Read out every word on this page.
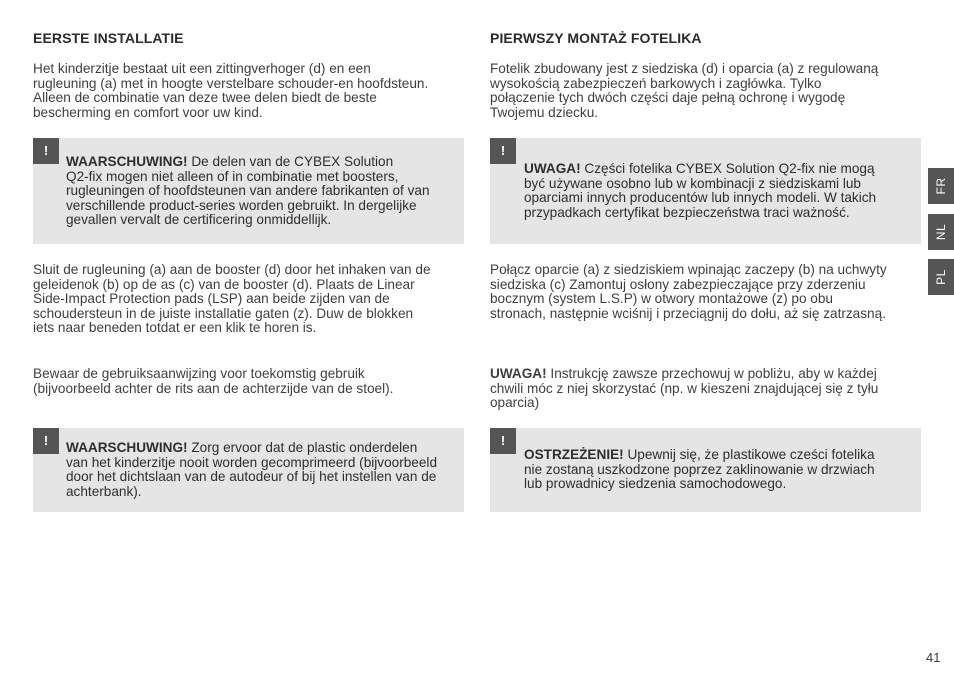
EERSTE INSTALLATIE
Het kinderzitje bestaat uit een zittingverhoger (d) en een
rugleuning (a) met in hoogte verstelbare schouder-en hoofdsteun.
Alleen de combinatie van deze twee delen biedt de beste
bescherming en comfort voor uw kind.
!
WAARSCHUWING! De delen van de CYBEX Solution
Q2-fix mogen niet alleen of in combinatie met boosters,
rugleuningen of hoofdsteunen van andere fabrikanten of van
verschillende product-series worden gebruikt. In dergelijke
gevallen vervalt de certificering onmiddellijk.
Sluit de rugleuning (a) aan de booster (d) door het inhaken van de
geleidenok (b) op de as (c) van de booster (d). Plaats de Linear
Side-Impact Protection pads (LSP) aan beide zijden van de
schoudersteun in de juiste installatie gaten (z). Duw de blokken
iets naar beneden totdat er een klik te horen is.
Bewaar de gebruiksaanwijzing voor toekomstig gebruik
(bijvoorbeeld achter de rits aan de achterzijde van de stoel).
!	WAARSCHUWING! Zorg ervoor dat de plastic onderdelen
van het kinderzitje nooit worden gecomprimeerd (bijvoorbeeld
door het dichtslaan van de autodeur of bij het instellen van de
achterbank).
PIERWSZY MONTAŻ FOTELIKA
Fotelik zbudowany jest z siedziska (d) i oparcia (a) z regulowaną
wysokością zabezpieczeń barkowych i zagłówka. Tylko
połączenie tych dwóch części daje pełną ochronę i wygodę
Twojemu dziecku.
!
UWAGA! Części fotelika CYBEX Solution Q2-fix nie mogą
być używane osobno lub w kombinacji z siedziskami lub
oparciami innych producentów lub innych modeli. W takich
przypadkach certyfikat bezpieczeństwa traci ważność.
Połącz oparcie (a) z siedziskiem wpinając zaczepy (b) na uchwyty
siedziska (c) Zamontuj osłony zabezpieczające przy zderzeniu
bocznym (system L.S.P) w otwory montażowe (z) po obu
stronach, następnie wciśnij i przeciągnij do dołu, aż się zatrzasną.
UWAGA! Instrukcję zawsze przechowuj w pobliżu, aby w każdej
chwili móc z niej skorzystać (np. w kieszeni znajdującej się z tyłu
oparcia)
!
OSTRZEŻENIE! Upewnij się, że plastikowe cześci fotelika
nie zostaną uszkodzone poprzez zaklinowanie w drzwiach
lub prowadnicy siedzenia samochodowego.
FR
NL
PL
41
